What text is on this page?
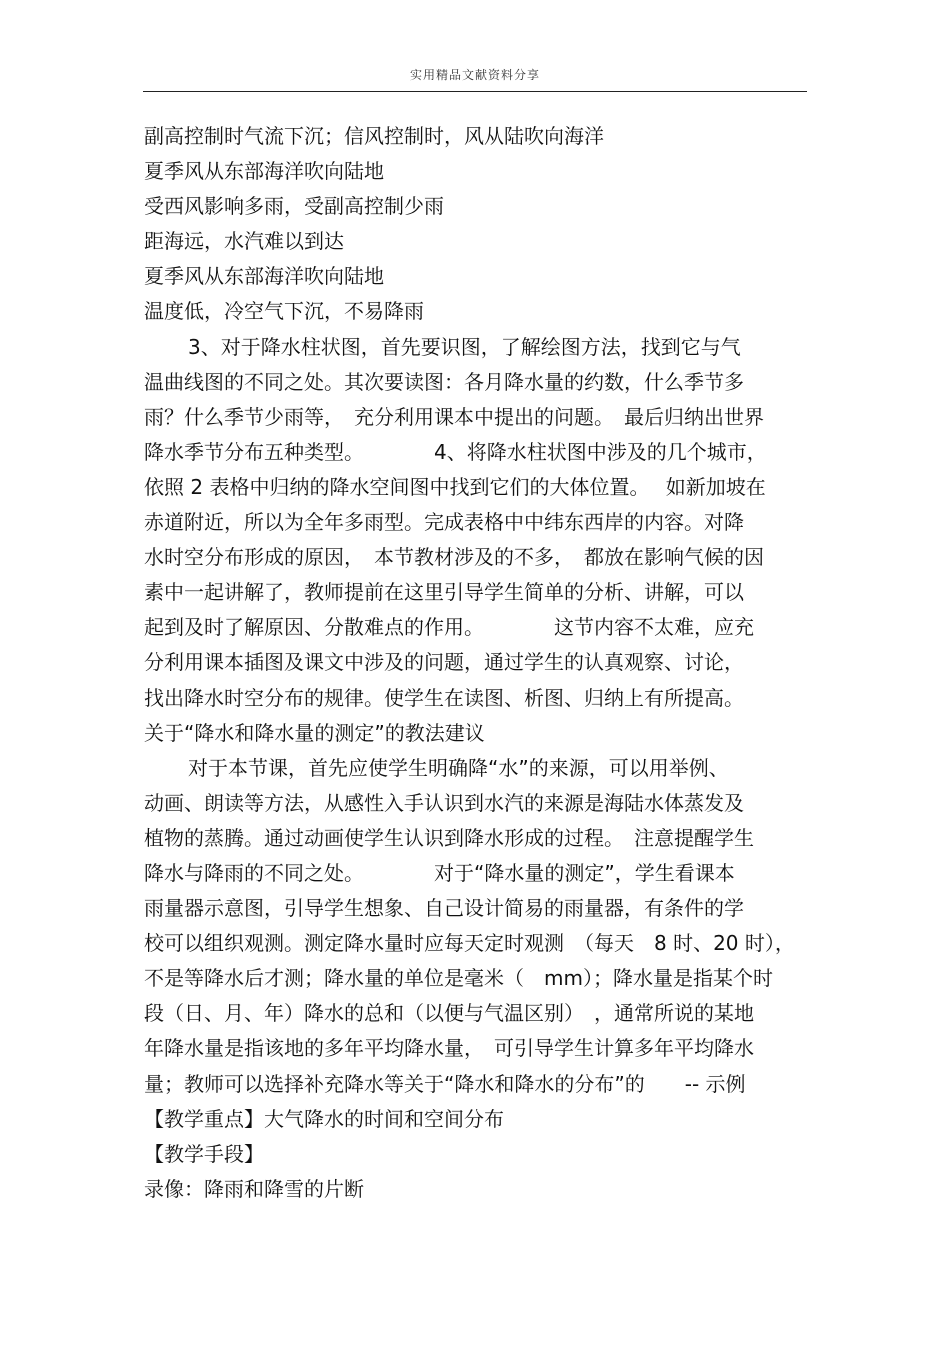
实用精品文献资料分享
副高控制时气流下沉；信风控制时，风从陆吹向海洋
夏季风从东部海洋吹向陆地
受西风影响多雨，受副高控制少雨
距海远，水汽难以到达
夏季风从东部海洋吹向陆地
温度低，冷空气下沉，不易降雨
3、对于降水柱状图，首先要识图，了解绘图方法，找到它与气
温曲线图的不同之处。其次要读图：各月降水量的约数，什么季节多
雨？什么季节少雨等，　充分利用课本中提出的问题。　最后归纳出世界
降水季节分布五种类型。　　　　4、将降水柱状图中涉及的几个城市，
依照 2 表格中归纳的降水空间图中找到它们的大体位置。　 如新加坡在
赤道附近，所以为全年多雨型。完成表格中中纬东西岸的内容。对降
水时空分布形成的原因，　本节教材涉及的不多，　都放在影响气候的因
素中一起讲解了，教师提前在这里引导学生简单的分析、讲解，可以
起到及时了解原因、分散难点的作用。　　　　这节内容不太难，应充
分利用课本插图及课文中涉及的问题，通过学生的认真观察、讨论，
找出降水时空分布的规律。使学生在读图、析图、归纳上有所提高。
关于“降水和降水量的测定”的教法建议
对于本节课，首先应使学生明确降“水”的来源，可以用举例、
动画、朗读等方法，从感性入手认识到水汽的来源是海陆水体蒸发及
植物的蒸腾。通过动画使学生认识到降水形成的过程。　注意提醒学生
降水与降雨的不同之处。　　　　对于“降水量的测定”，学生看课本
雨量器示意图，引导学生想象、自己设计简易的雨量器，有条件的学
校可以组织观测。测定降水量时应每天定时观测　（每天　8 时、20 时），
不是等降水后才测；降水量的单位是毫米（　mm）；降水量是指某个时
段（日、月、年）降水的总和（以便与气温区别）　，通常所说的某地
年降水量是指该地的多年平均降水量，　可引导学生计算多年平均降水
量；教师可以选择补充降水等关于“降水和降水的分布”的　　-- 示例
【教学重点】大气降水的时间和空间分布
【教学手段】
录像：降雨和降雪的片断
